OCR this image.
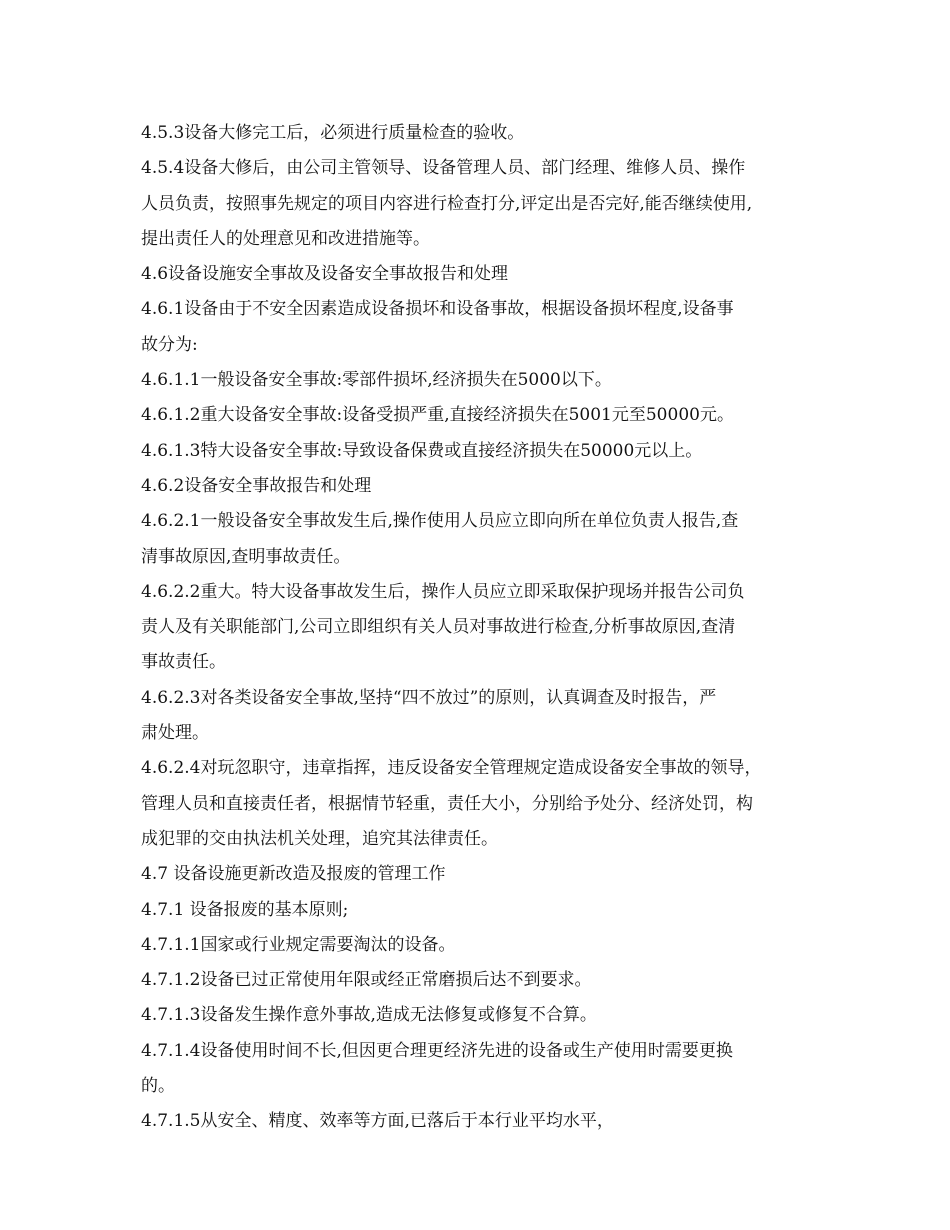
4.5.3设备大修完工后，必须进行质量检查的验收。
4.5.4设备大修后，由公司主管领导、设备管理人员、部门经理、维修人员、操作
人员负责，按照事先规定的项目内容进行检查打分,评定出是否完好,能否继续使用,
提出责任人的处理意见和改进措施等。
4.6设备设施安全事故及设备安全事故报告和处理
4.6.1设备由于不安全因素造成设备损坏和设备事故，根据设备损坏程度,设备事
故分为:
4.6.1.1一般设备安全事故:零部件损坏,经济损失在5000以下。
4.6.1.2重大设备安全事故:设备受损严重,直接经济损失在5001元至50000元。
4.6.1.3特大设备安全事故:导致设备保费或直接经济损失在50000元以上。
4.6.2设备安全事故报告和处理
4.6.2.1一般设备安全事故发生后,操作使用人员应立即向所在单位负责人报告,查
清事故原因,查明事故责任。
4.6.2.2重大。特大设备事故发生后，操作人员应立即采取保护现场并报告公司负
责人及有关职能部门,公司立即组织有关人员对事故进行检查,分析事故原因,查清
事故责任。
4.6.2.3对各类设备安全事故,坚持“四不放过”的原则，认真调查及时报告，严
肃处理。
4.6.2.4对玩忽职守，违章指挥，违反设备安全管理规定造成设备安全事故的领导，
管理人员和直接责任者，根据情节轻重，责任大小，分别给予处分、经济处罚，构
成犯罪的交由执法机关处理，追究其法律责任。
4.7 设备设施更新改造及报废的管理工作
4.7.1 设备报废的基本原则;
4.7.1.1国家或行业规定需要淘汰的设备。
4.7.1.2设备已过正常使用年限或经正常磨损后达不到要求。
4.7.1.3设备发生操作意外事故,造成无法修复或修复不合算。
4.7.1.4设备使用时间不长,但因更合理更经济先进的设备或生产使用时需要更换
的。
4.7.1.5从安全、精度、效率等方面,已落后于本行业平均水平，
